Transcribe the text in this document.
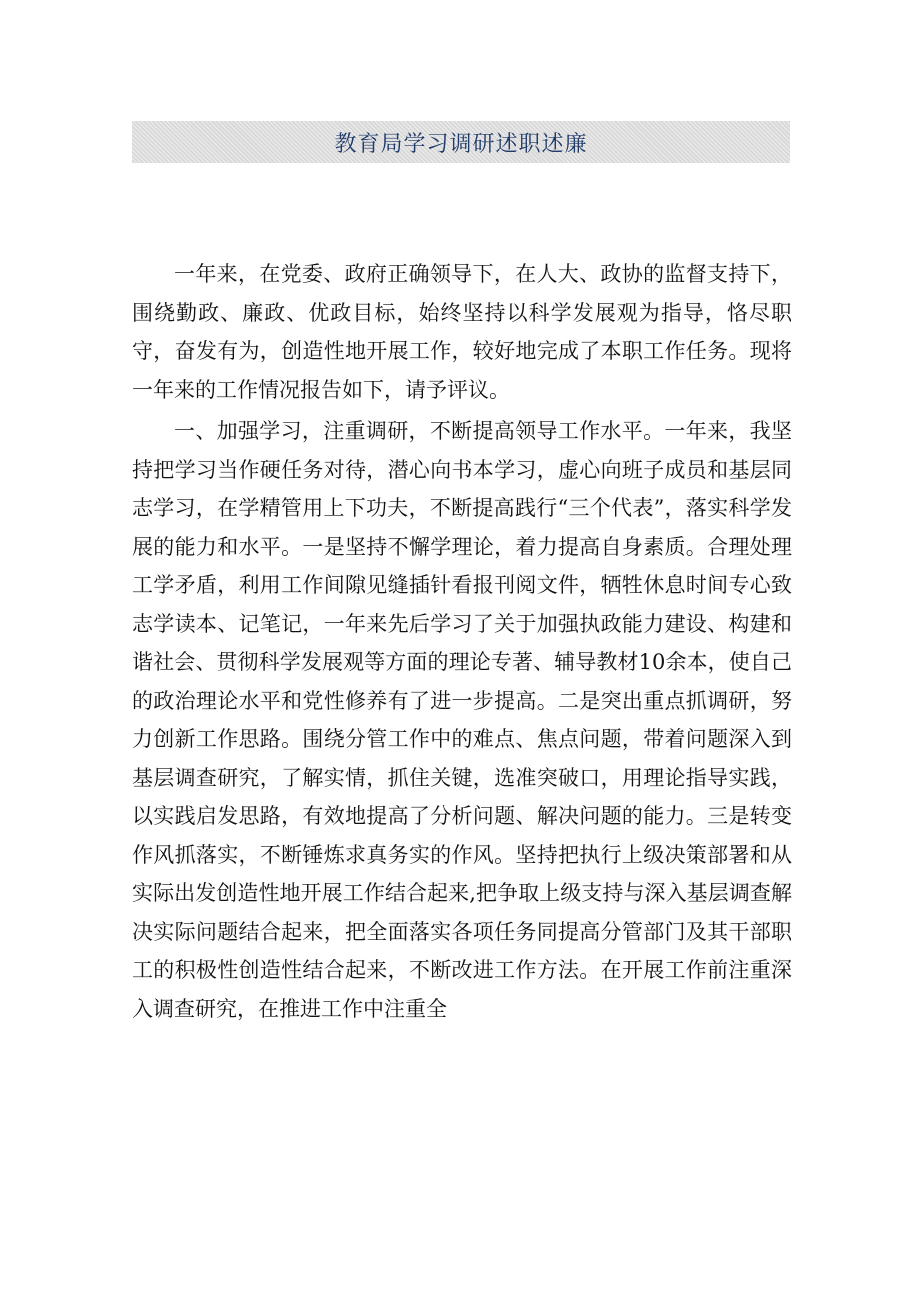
教育局学习调研述职述廉

一年来，在党委、政府正确领导下，在人大、政协的监督支持下，围绕勤政、廉政、优政目标，始终坚持以科学发展观为指导，恪尽职守，奋发有为，创造性地开展工作，较好地完成了本职工作任务。现将一年来的工作情况报告如下，请予评议。

一、加强学习，注重调研，不断提高领导工作水平。一年来，我坚持把学习当作硬任务对待，潜心向书本学习，虚心向班子成员和基层同志学习，在学精管用上下功夫，不断提高践行“三个代表”，落实科学发展的能力和水平。一是坚持不懈学理论，着力提高自身素质。合理处理工学矛盾，利用工作间隙见缝插针看报刊阅文件，牺牲休息时间专心致志学读本、记笔记，一年来先后学习了关于加强执政能力建设、构建和谐社会、贯彻科学发展观等方面的理论专著、辅导教材10余本，使自己的政治理论水平和党性修养有了进一步提高。二是突出重点抓调研，努力创新工作思路。围绕分管工作中的难点、焦点问题，带着问题深入到基层调查研究，了解实情，抓住关键，选准突破口，用理论指导实践，以实践启发思路，有效地提高了分析问题、解决问题的能力。三是转变作风抓落实，不断锤炼求真务实的作风。坚持把执行上级决策部署和从实际出发创造性地开展工作结合起来,把争取上级支持与深入基层调查解决实际问题结合起来，把全面落实各项任务同提高分管部门及其干部职工的积极性创造性结合起来，不断改进工作方法。在开展工作前注重深入调查研究，在推进工作中注重全
